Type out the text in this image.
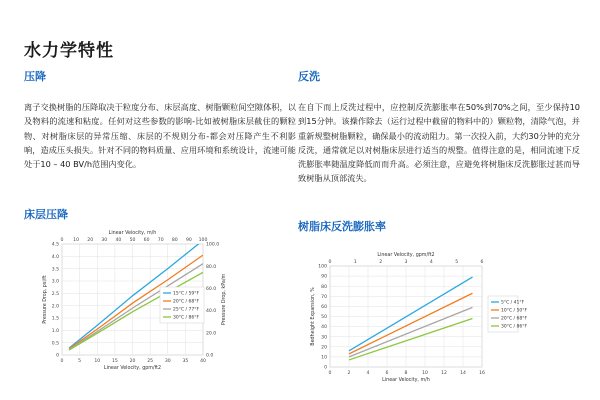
水力学特性
压降
离子交换树脂的压降取决于粒度分布、床层高度、树脂颗粒间空隙体积，以及物料的流速和粘度。任何对这些参数的影响-比如被树脂床层截住的颗粒物、对树脂床层的异常压缩、床层的不规则分布-都会对压降产生不利影响，造成压头损失。针对不同的物料质量、应用环境和系统设计，流速可能处于10 – 40 BV/h范围内变化。
反洗
在自下而上反洗过程中，应控制反洗膨胀率在50%到70%之间，至少保持10到15分钟。该操作除去（运行过程中截留的物料中的）颗粒物，清除气泡，并重新规整树脂颗粒，确保最小的流动阻力。第一次投入前，大约30分钟的充分反洗，通常就足以对树脂床层进行适当的规整。值得注意的是，相同流速下反洗膨胀率随温度降低而而升高。必须注意，应避免将树脂床反洗膨胀过甚而导致树脂从顶部流失。
床层压降
树脂床反洗膨胀率
0
0.5
1.0
1.5
2.0
2.5
3.0
3.5
4.0
4.5
0	5	10	15	20	25	30	35	40
0 10 20 30 40 50 60 70 80 90 100
0.0
20.0
40.0
60.0
80.0
100.0
Linear Velocity, m/h
Linear Velocity, gpm/ft2
Pressure Drop, psi/ft	Pressure Drop, kPa/m
15°C / 59°F
20°C / 68°F
25°C / 77°F
30°C / 86°F
0
10
20
30
40
50
60
70
80
90
100
0	2	4	6	8	10	12	14	16
0	1	2	3	4	5	6
Linear Velocity, gpm/ft2
Linear Velocity, m/h
Bedheight Expansion, %	5°C / 41°F
10°C / 50°F
20°C / 68°F
30°C / 86°F
